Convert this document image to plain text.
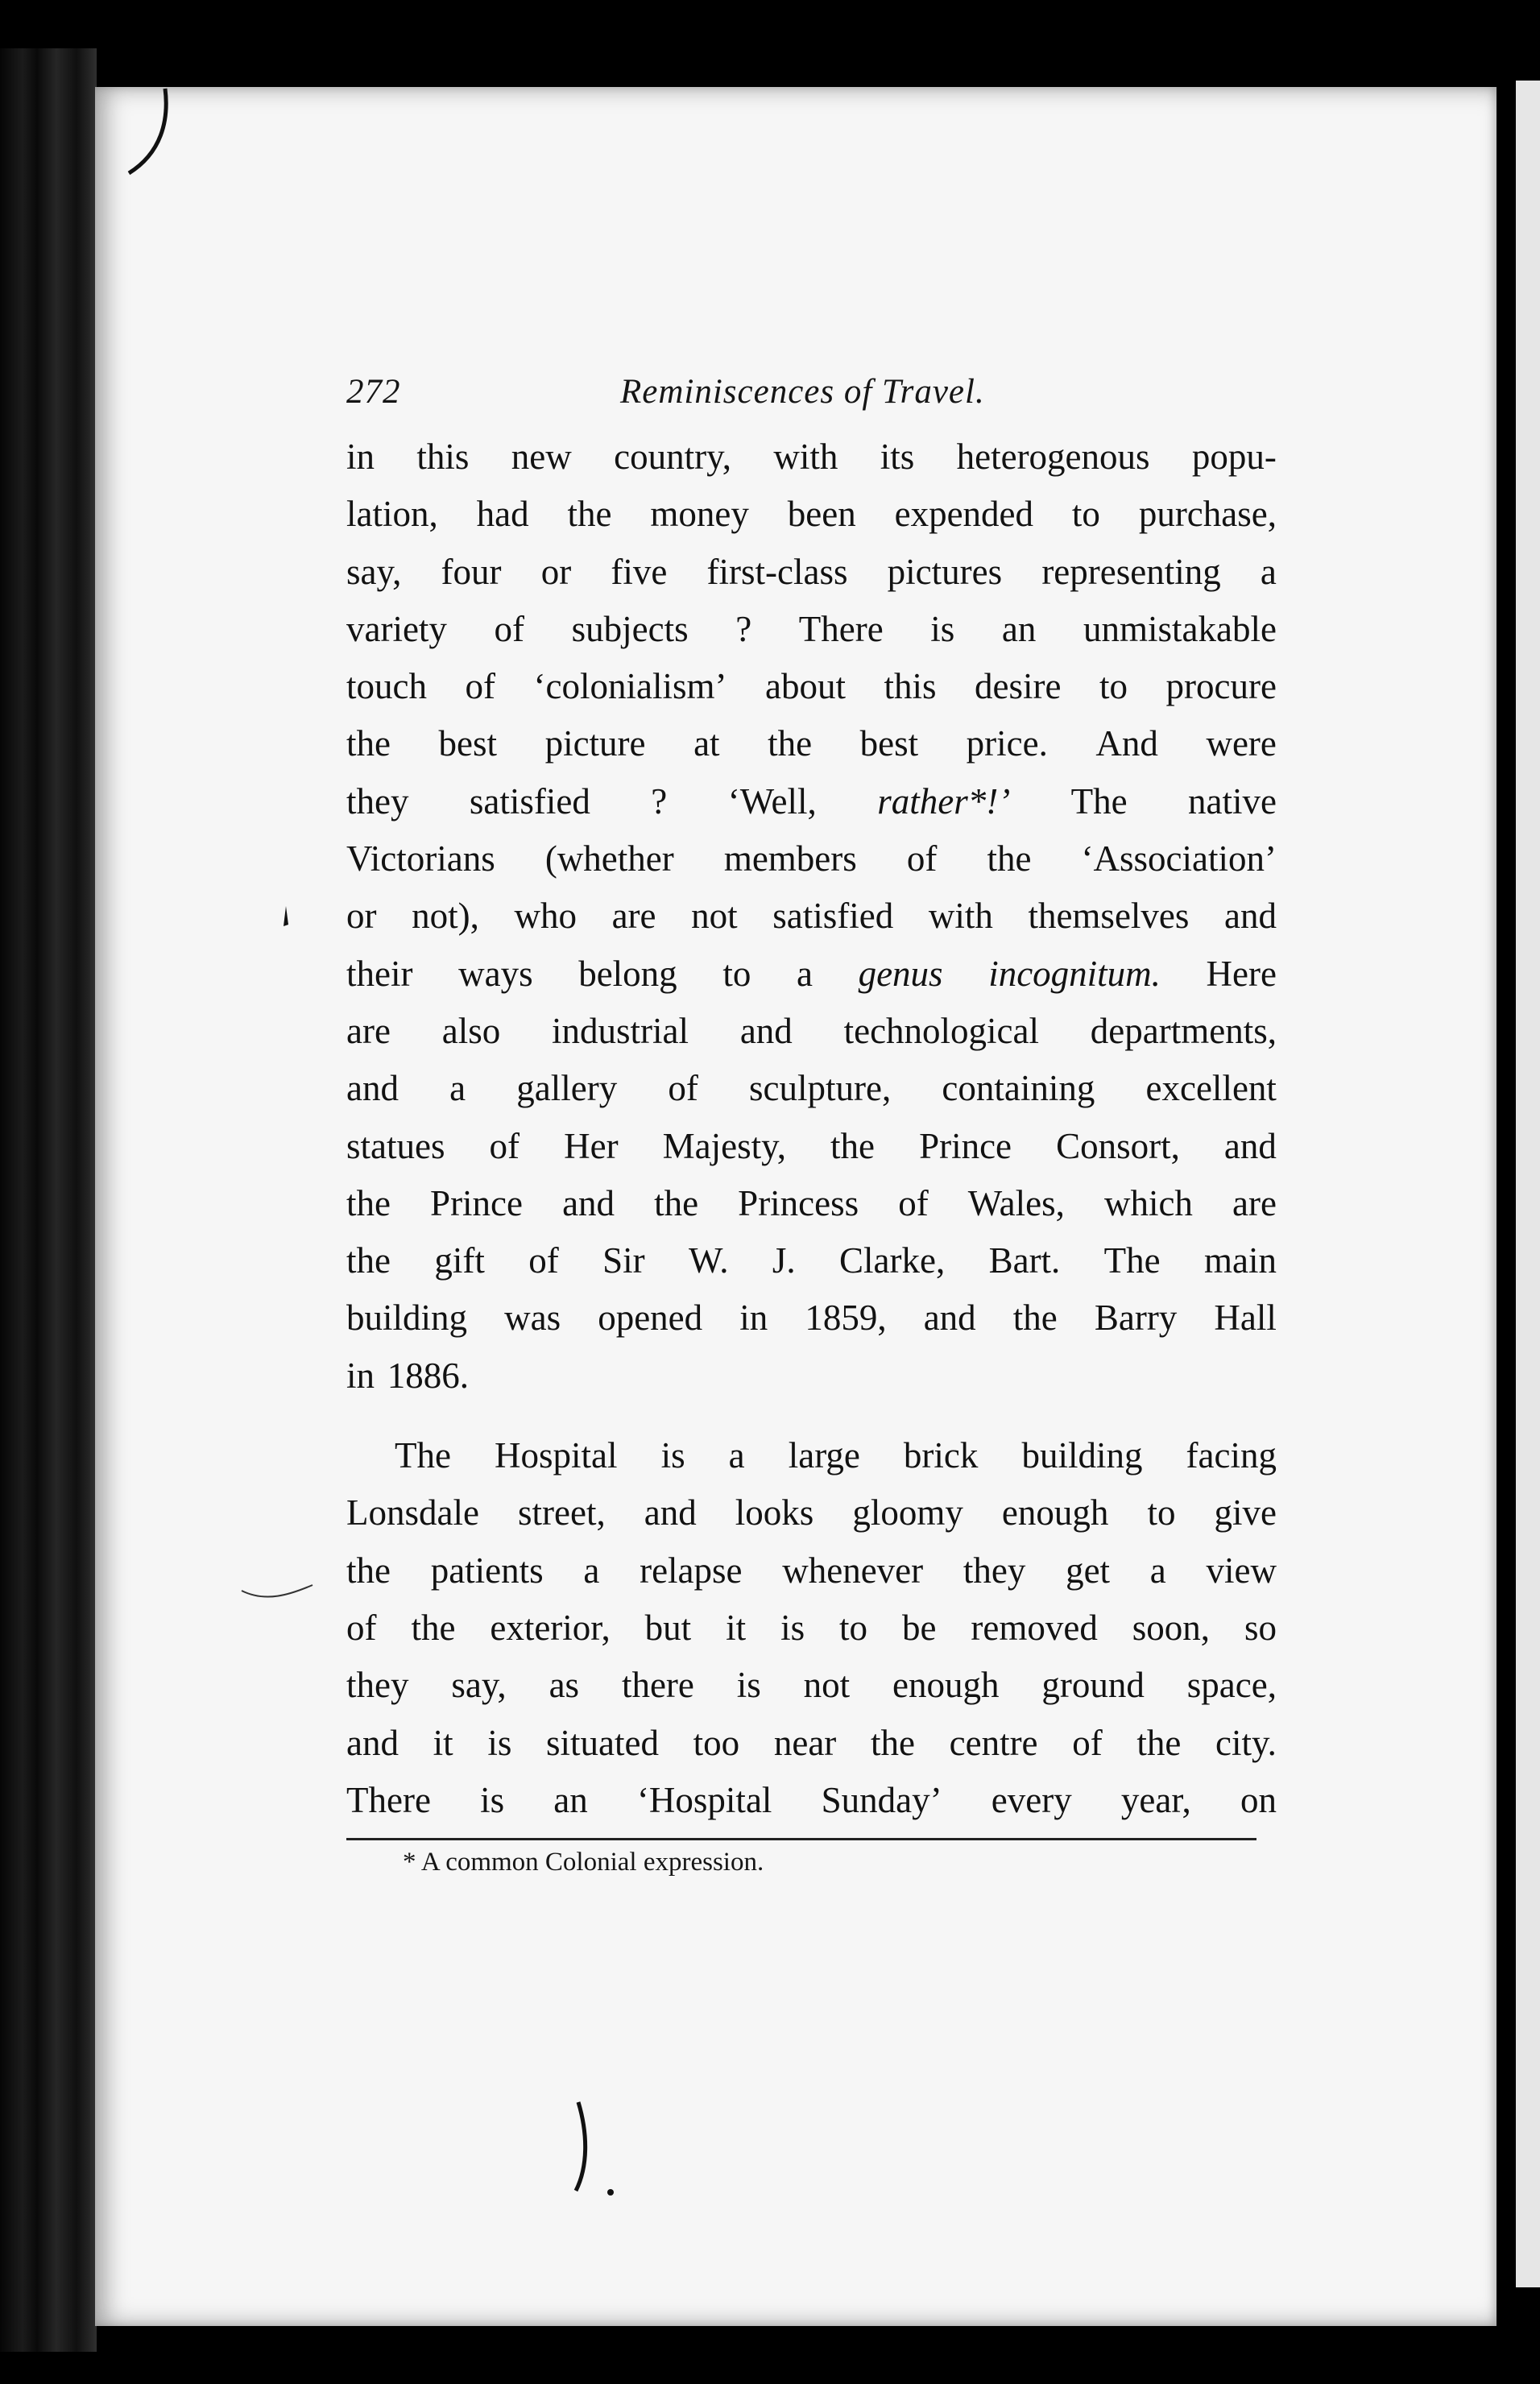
272	Reminiscences of Travel.
in this new country, with its heterogenous popu-
lation, had the money been expended to purchase,
say, four or five first-class pictures representing a
variety of subjects ? There is an unmistakable
touch of ‘colonialism’ about this desire to procure
the best picture at the best price. And were
they satisfied ? ‘Well, rather*!’ The native
Victorians (whether members of the ‘Association’
or not), who are not satisfied with themselves and
their ways belong to a genus incognitum. Here
are also industrial and technological departments,
and a gallery of sculpture, containing excellent
statues of Her Majesty, the Prince Consort, and
the Prince and the Princess of Wales, which are
the gift of Sir W. J. Clarke, Bart. The main
building was opened in 1859, and the Barry Hall
in 1886.
The Hospital is a large brick building facing
Lonsdale street, and looks gloomy enough to give
the patients a relapse whenever they get a view
of the exterior, but it is to be removed soon, so
they say, as there is not enough ground space,
and it is situated too near the centre of the city.
There is an ‘Hospital Sunday’ every year, on
* A common Colonial expression.
